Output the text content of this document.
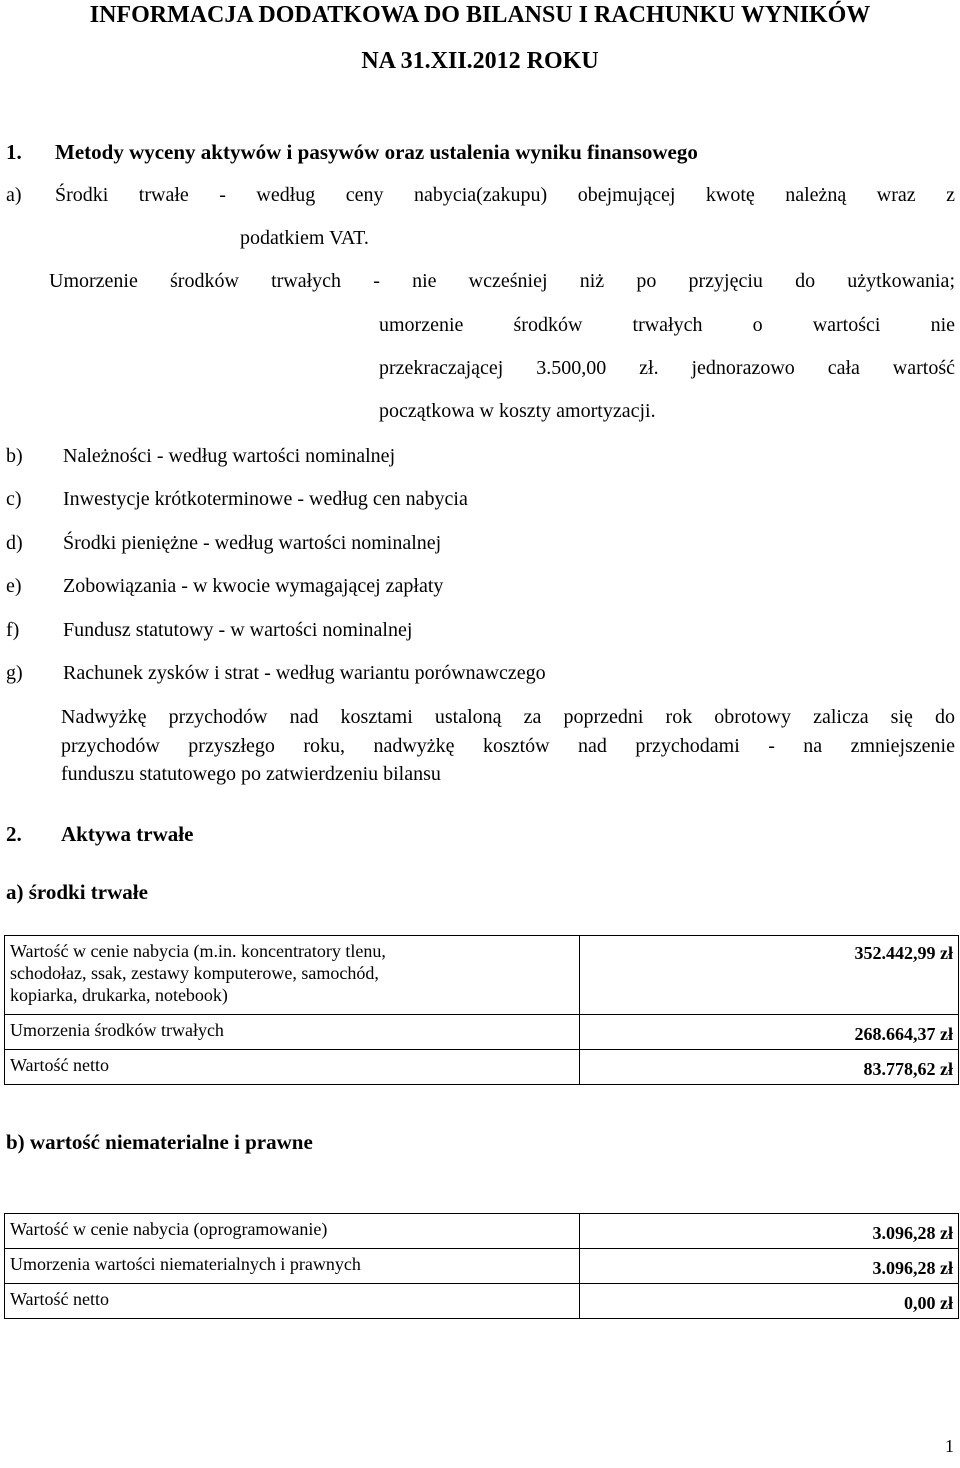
INFORMACJA DODATKOWA DO BILANSU I RACHUNKU WYNIKÓW
NA 31.XII.2012 ROKU
1. Metody wyceny aktywów i pasywów oraz ustalenia wyniku finansowego
a) Środki trwałe - według ceny nabycia(zakupu) obejmującej kwotę należną wraz z
podatkiem VAT.
Umorzenie środków trwałych - nie wcześniej niż po przyjęciu do użytkowania;
umorzenie środków trwałych o wartości nie
przekraczającej 3.500,00 zł. jednorazowo cała wartość
początkowa w koszty amortyzacji.
b) Należności - według wartości nominalnej
c) Inwestycje krótkoterminowe - według cen nabycia
d) Środki pieniężne - według wartości nominalnej
e) Zobowiązania - w kwocie wymagającej zapłaty
f) Fundusz statutowy - w wartości nominalnej
g) Rachunek zysków i strat - według wariantu porównawczego
Nadwyżkę przychodów nad kosztami ustaloną za poprzedni rok obrotowy zalicza się do
przychodów przyszłego roku, nadwyżkę kosztów nad przychodami - na zmniejszenie
funduszu statutowego po zatwierdzeniu bilansu
2. Aktywa trwałe
a) środki trwałe
Wartość w cenie nabycia (m.in. koncentratory tlenu,
schodołaz, ssak, zestawy komputerowe, samochód,
kopiarka, drukarka, notebook)	352.442,99 zł
Umorzenia środków trwałych	268.664,37 zł
Wartość netto	83.778,62 zł
b) wartość niematerialne i prawne
Wartość w cenie nabycia (oprogramowanie)	3.096,28 zł
Umorzenia wartości niematerialnych i prawnych	3.096,28 zł
Wartość netto	0,00 zł
1
